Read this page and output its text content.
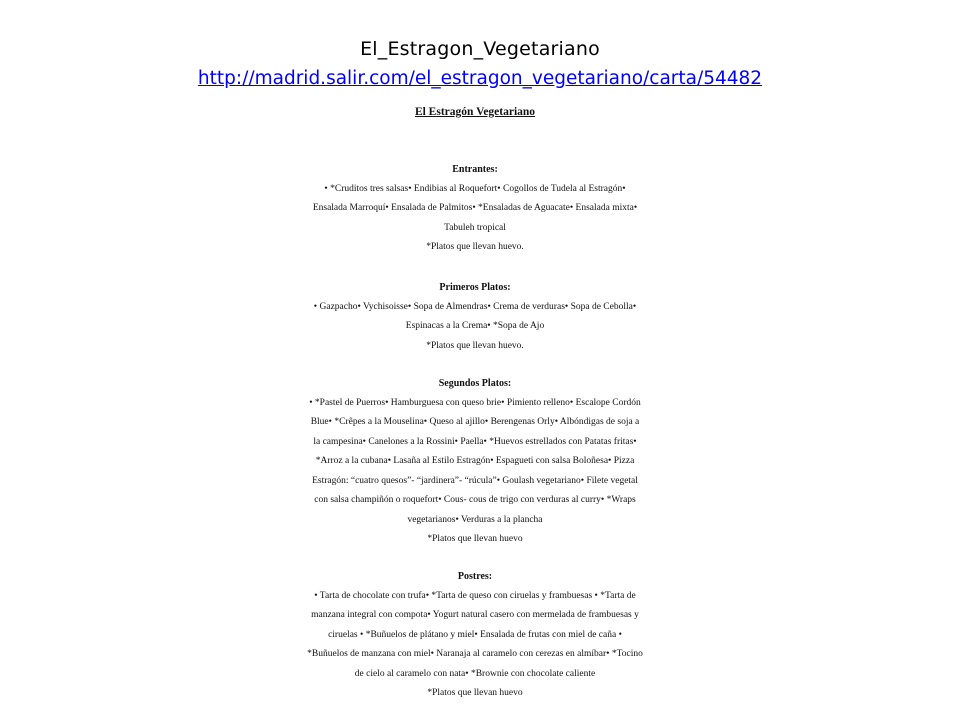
El_Estragon_Vegetariano
http://madrid.salir.com/el_estragon_vegetariano/carta/54482
El Estragón Vegetariano
Entrantes:
• *Cruditos tres salsas• Endibias al Roquefort• Cogollos de Tudela al Estragón•
Ensalada Marroquí• Ensalada de Palmitos• *Ensaladas de Aguacate• Ensalada mixta•
Tabuleh tropical
*Platos que llevan huevo.
Primeros Platos:
• Gazpacho• Vychisoisse• Sopa de Almendras• Crema de verduras• Sopa de Cebolla•
Espinacas a la Crema• *Sopa de Ajo
*Platos que llevan huevo.
Segundos Platos:
• *Pastel de Puerros• Hamburguesa con queso brie• Pimiento relleno• Escalope Cordón
Blue• *Crêpes a la Mouselina• Queso al ajillo• Berengenas Orly• Albóndigas de soja a
la campesina• Canelones a la Rossini• Paella• *Huevos estrellados con Patatas fritas•
*Arroz a la cubana• Lasaña al Estilo Estragón• Espagueti con salsa Boloñesa• Pizza
Estragón: “cuatro quesos”- “jardinera”- “rúcula”• Goulash vegetariano• Filete vegetal
con salsa champiñón o roquefort• Cous- cous de trigo con verduras al curry• *Wraps
vegetarianos• Verduras a la plancha
*Platos que llevan huevo
Postres:
• Tarta de chocolate con trufa• *Tarta de queso con ciruelas y frambuesas • *Tarta de
manzana integral con compota• Yogurt natural casero con mermelada de frambuesas y
ciruelas • *Buñuelos de plátano y miel• Ensalada de frutas con miel de caña •
*Buñuelos de manzana con miel• Naranaja al caramelo con cerezas en almíbar• *Tocino
de cielo al caramelo con nata• *Brownie con chocolate caliente
*Platos que llevan huevo
